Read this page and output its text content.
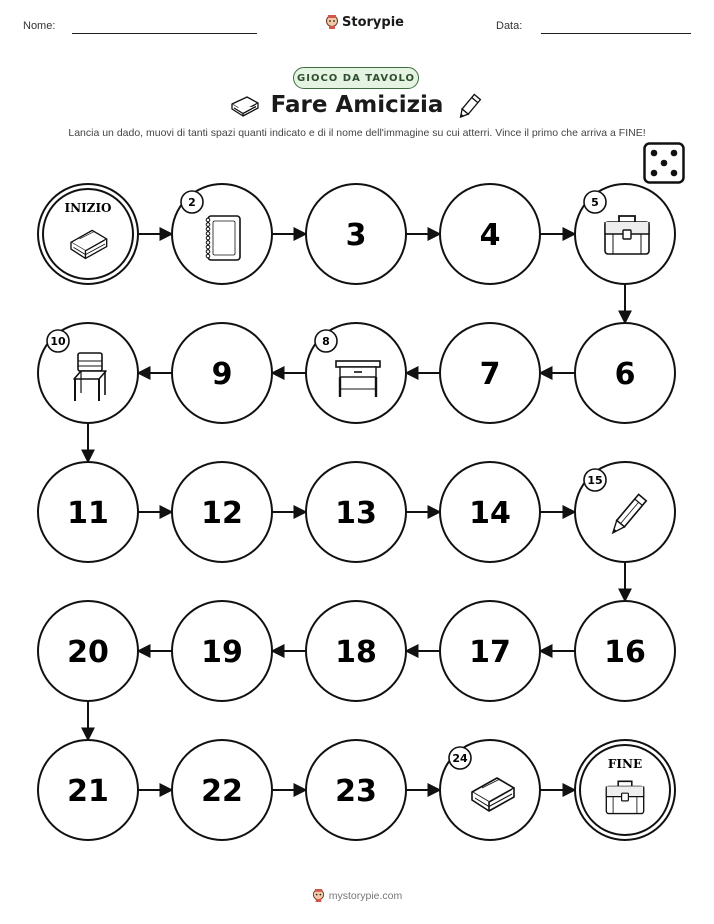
Nome:	Storypie	Data:
GIOCO DA TAVOLO
Fare Amicizia
Lancia un dado, muovi di tanti spazi quanti indicato e di il nome dell'immagine su cui atterri. Vince il primo che arriva a FINE!
INIZIO	2
3	4
5
6
7
8
9
10
11	12	13	14
15
16
17
18
19
20
21	22	23
24	FINE
mystorypie.com
